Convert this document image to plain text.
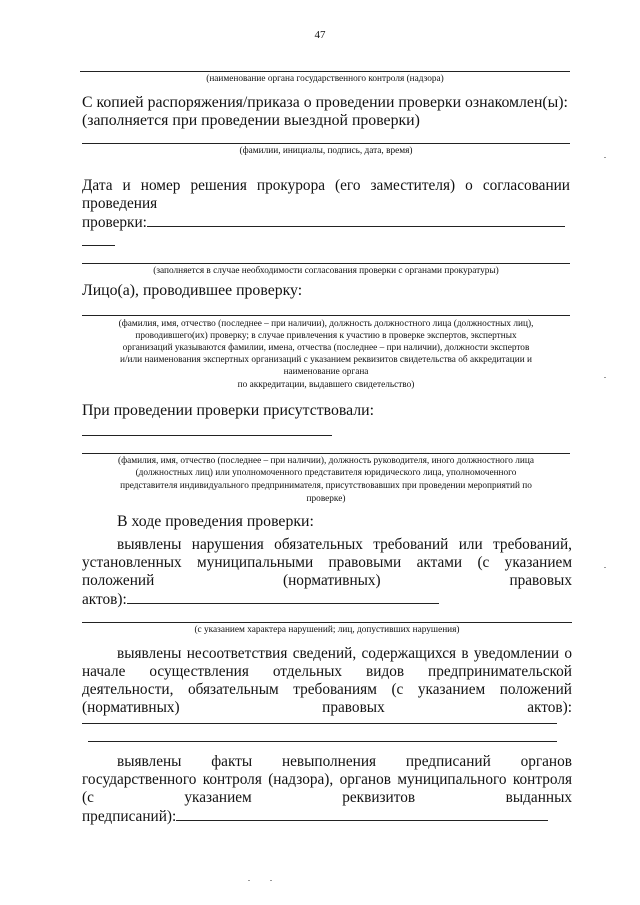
47
(наименование органа государственного контроля (надзора)
С копией распоряжения/приказа о проведении проверки ознакомлен(ы):
(заполняется при проведении выездной проверки)
(фамилии, инициалы, подпись, дата, время)
Дата и номер решения прокурора (его заместителя) о согласовании
проведения
проверки:
(заполняется в случае необходимости согласования проверки с органами прокуратуры)
Лицо(а), проводившее проверку:
(фамилия, имя, отчество (последнее – при наличии), должность должностного лица (должностных лиц),
проводившего(их) проверку; в случае привлечения к участию в проверке экспертов, экспертных
организаций указываются фамилии, имена, отчества (последнее – при наличии), должности экспертов
и/или наименования экспертных организаций с указанием реквизитов свидетельства об аккредитации и
наименование органа
по аккредитации, выдавшего свидетельство)
При проведении проверки присутствовали:
(фамилия, имя, отчество (последнее – при наличии), должность руководителя, иного должностного лица
(должностных лиц) или уполномоченного представителя юридического лица, уполномоченного
представителя индивидуального предпринимателя, присутствовавших при проведении мероприятий по
проверке)
В ходе проведения проверки:
выявлены нарушения обязательных требований или требований,
установленных муниципальными правовыми актами (с указанием
положений	(нормативных)	правовых
актов):
(с указанием характера нарушений; лиц, допустивших нарушения)
выявлены несоответствия сведений, содержащихся в уведомлении о
начале осуществления отдельных видов предпринимательской
деятельности, обязательным требованиям (с указанием положений
(нормативных)	правовых	актов):
выявлены факты невыполнения предписаний органов
государственного контроля (надзора), органов муниципального контроля
(с	указанием	реквизитов	выданных
предписаний):
